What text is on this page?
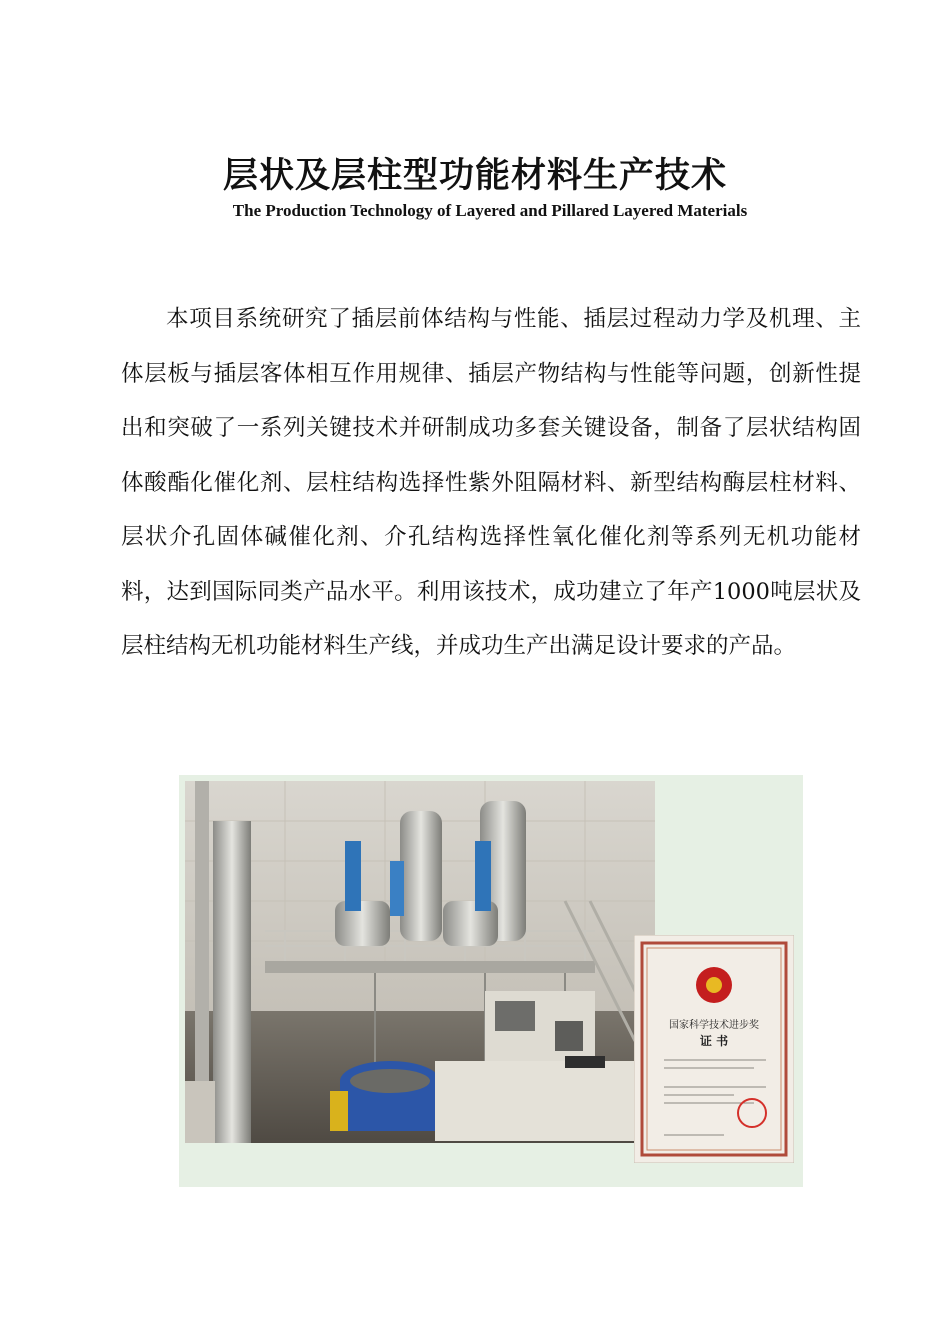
层状及层柱型功能材料生产技术
The Production Technology of Layered and Pillared Layered Materials

本项目系统研究了插层前体结构与性能、插层过程动力学及机理、主体层板与插层客体相互作用规律、插层产物结构与性能等问题，创新性提出和突破了一系列关键技术并研制成功多套关键设备，制备了层状结构固体酸酯化催化剂、层柱结构选择性紫外阻隔材料、新型结构酶层柱材料、层状介孔固体碱催化剂、介孔结构选择性氧化催化剂等系列无机功能材料，达到国际同类产品水平。利用该技术，成功建立了年产1000吨层状及层柱结构无机功能材料生产线，并成功生产出满足设计要求的产品。

国家科学技术进步奖
证 书
